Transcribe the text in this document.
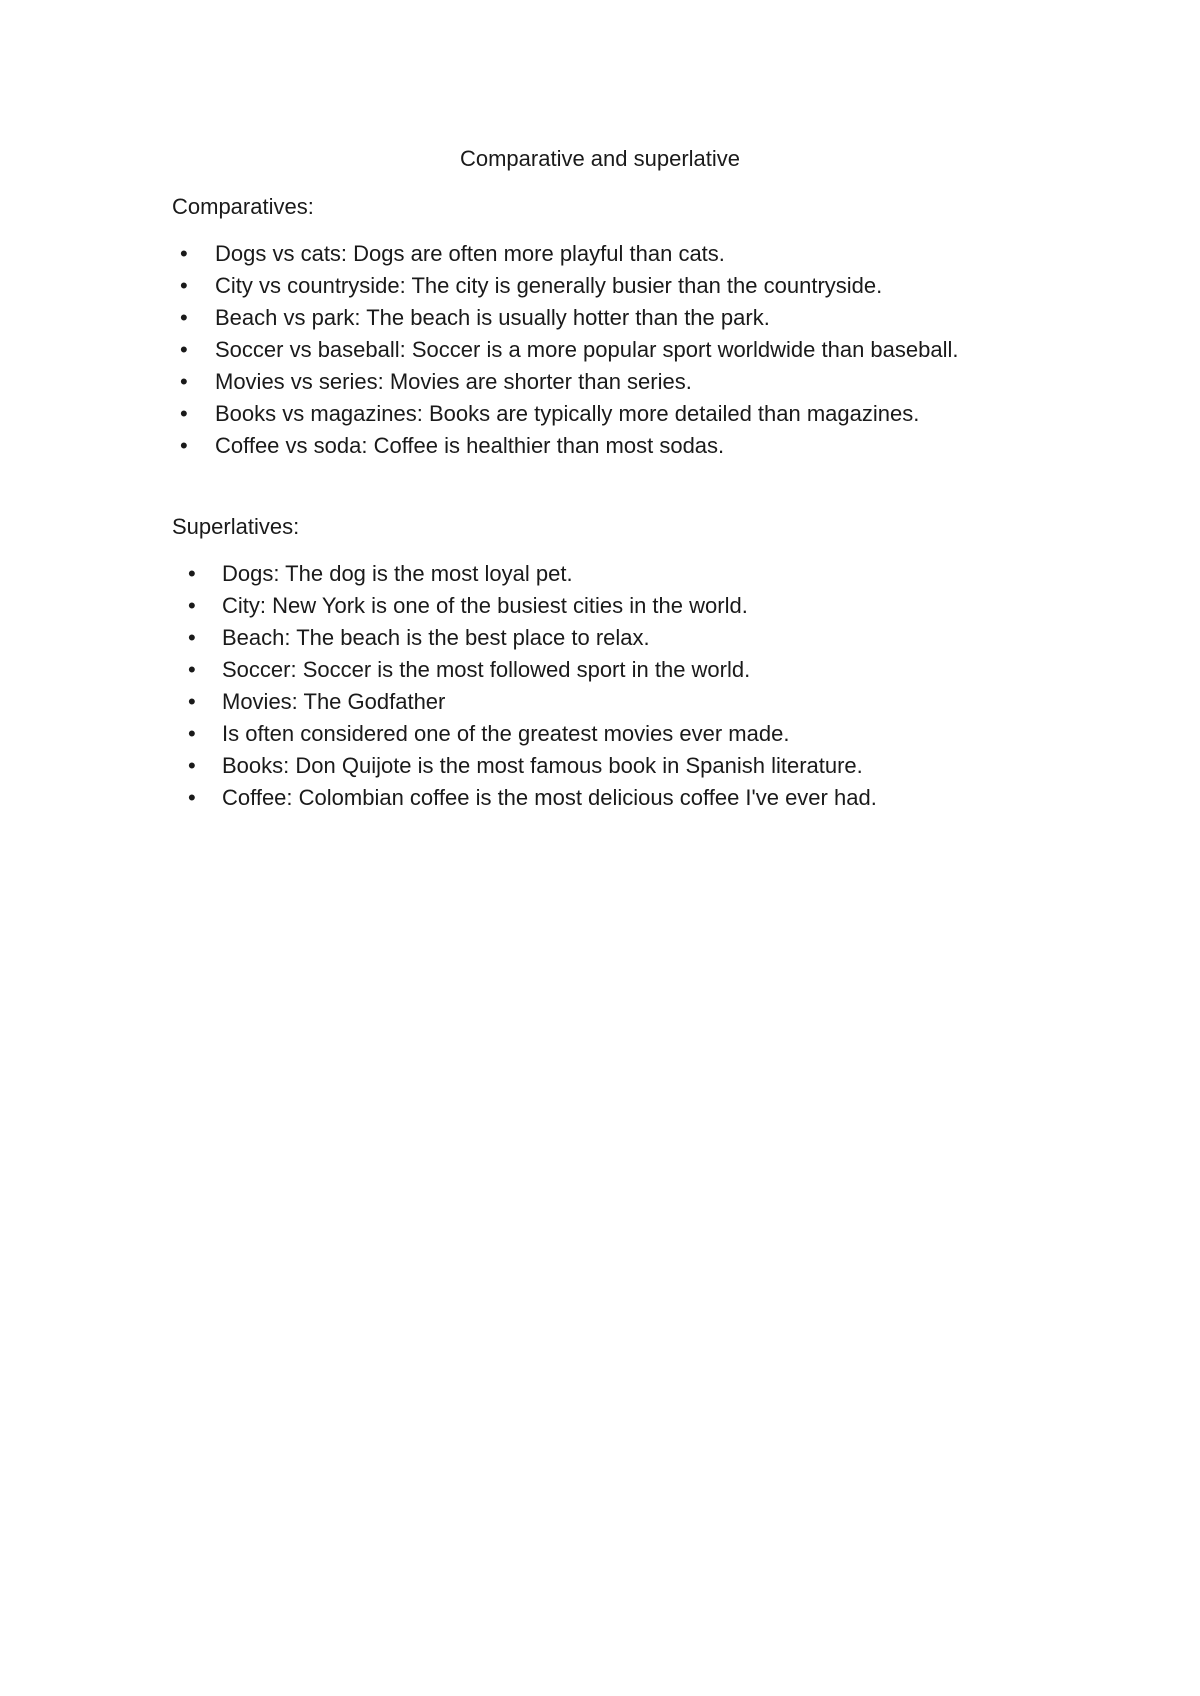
Comparative and superlative

Comparatives:

•	Dogs vs cats: Dogs are often more playful than cats.
•	City vs countryside: The city is generally busier than the countryside.
•	Beach vs park: The beach is usually hotter than the park.
•	Soccer vs baseball: Soccer is a more popular sport worldwide than baseball.
•	Movies vs series: Movies are shorter than series.
•	Books vs magazines: Books are typically more detailed than magazines.
•	Coffee vs soda: Coffee is healthier than most sodas.

Superlatives:

•	Dogs: The dog is the most loyal pet.
•	City: New York is one of the busiest cities in the world.
•	Beach: The beach is the best place to relax.
•	Soccer: Soccer is the most followed sport in the world.
•	Movies: The Godfather
•	Is often considered one of the greatest movies ever made.
•	Books: Don Quijote is the most famous book in Spanish literature.
•	Coffee: Colombian coffee is the most delicious coffee I've ever had.
